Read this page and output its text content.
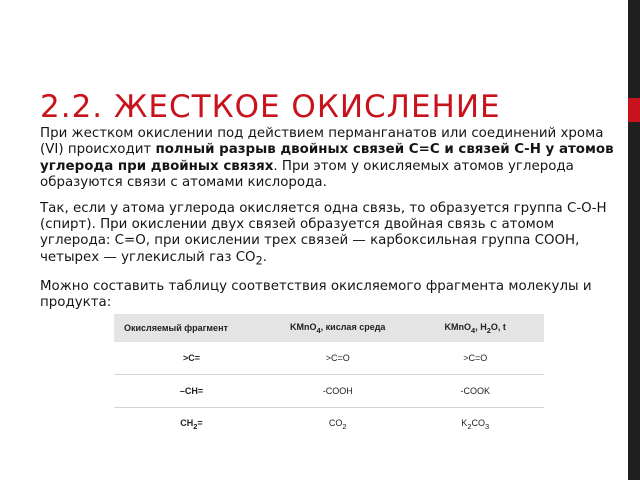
2.2. ЖЕСТКОЕ ОКИСЛЕНИЕ

При жестком окислении под действием перманганатов или соединений хрома (VI) происходит полный разрыв двойных связей С=С и связей С-Н у атомов углерода при двойных связях. При этом у окисляемых атомов углерода образуются связи с атомами кислорода.

Так, если у атома углерода окисляется одна связь, то образуется группа С-О-Н (спирт). При окислении двух связей образуется двойная связь с атомом углерода: С=О, при окислении трех связей — карбоксильная группа СООН, четырех — углекислый газ $СО_2$.

Можно составить таблицу соответствия окисляемого фрагмента молекулы и продукта:

Окисляемый фрагмент	KMnO$_4$, кислая среда	KMnO$_4$, $H_2O$, t
>C=	>C=O	>C=O
–CH=	-COOH	-COOK
$CH_2=$	$CO_2$	$K_2CO_3$
